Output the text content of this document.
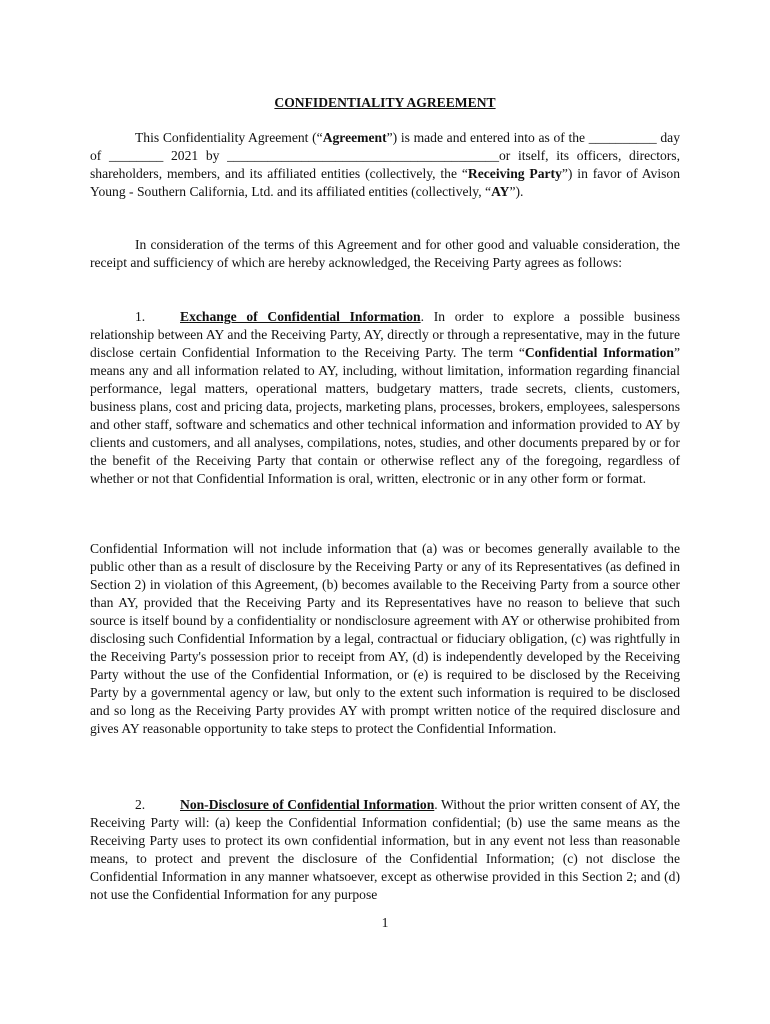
CONFIDENTIALITY AGREEMENT

This Confidentiality Agreement (“Agreement”) is made and entered into as of the __________ day of ________ 2021 by ________________________________________or itself, its officers, directors, shareholders, members, and its affiliated entities (collectively, the “Receiving Party”) in favor of Avison Young - Southern California, Ltd. and its affiliated entities (collectively, “AY”).

In consideration of the terms of this Agreement and for other good and valuable consideration, the receipt and sufficiency of which are hereby acknowledged, the Receiving Party agrees as follows:

1.	Exchange of Confidential Information. In order to explore a possible business relationship between AY and the Receiving Party, AY, directly or through a representative, may in the future disclose certain Confidential Information to the Receiving Party. The term “Confidential Information” means any and all information related to AY, including, without limitation, information regarding financial performance, legal matters, operational matters, budgetary matters, trade secrets, clients, customers, business plans, cost and pricing data, projects, marketing plans, processes, brokers, employees, salespersons and other staff, software and schematics and other technical information and information provided to AY by clients and customers, and all analyses, compilations, notes, studies, and other documents prepared by or for the benefit of the Receiving Party that contain or otherwise reflect any of the foregoing, regardless of whether or not that Confidential Information is oral, written, electronic or in any other form or format.

Confidential Information will not include information that (a) was or becomes generally available to the public other than as a result of disclosure by the Receiving Party or any of its Representatives (as defined in Section 2) in violation of this Agreement, (b) becomes available to the Receiving Party from a source other than AY, provided that the Receiving Party and its Representatives have no reason to believe that such source is itself bound by a confidentiality or nondisclosure agreement with AY or otherwise prohibited from disclosing such Confidential Information by a legal, contractual or fiduciary obligation, (c) was rightfully in the Receiving Party's possession prior to receipt from AY, (d) is independently developed by the Receiving Party without the use of the Confidential Information, or (e) is required to be disclosed by the Receiving Party by a governmental agency or law, but only to the extent such information is required to be disclosed and so long as the Receiving Party provides AY with prompt written notice of the required disclosure and gives AY reasonable opportunity to take steps to protect the Confidential Information.

2.	Non-Disclosure of Confidential Information. Without the prior written consent of AY, the Receiving Party will: (a) keep the Confidential Information confidential; (b) use the same means as the Receiving Party uses to protect its own confidential information, but in any event not less than reasonable means, to protect and prevent the disclosure of the Confidential Information; (c) not disclose the Confidential Information in any manner whatsoever, except as otherwise provided in this Section 2; and (d) not use the Confidential Information for any purpose

1
